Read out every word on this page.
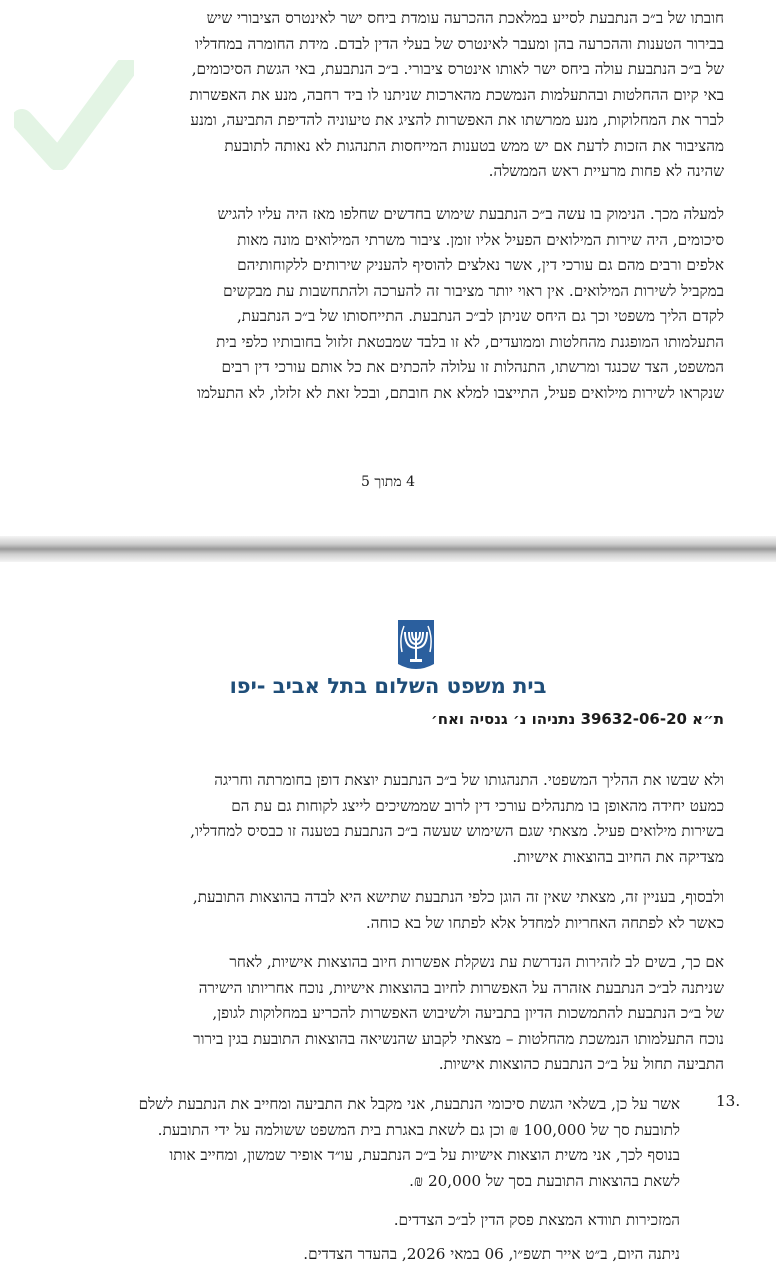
חובתו של ב״כ הנתבעת לסייע במלאכת ההכרעה עומדת ביחס ישר לאינטרס הציבורי שיש

בבירור הטענות וההכרעה בהן ומעבר לאינטרס של בעלי הדין לבדם. מידת החומרה במחדליו

של ב״כ הנתבעת עולה ביחס ישר לאותו אינטרס ציבורי. ב״כ הנתבעת, באי הגשת הסיכומים,

באי קיום ההחלטות ובהתעלמות הנמשכת מהארכות שניתנו לו ביד רחבה, מנע את האפשרות

לברר את המחלוקות, מנע ממרשתו את האפשרות להציג את טיעוניה להדיפת התביעה, ומנע

מהציבור את הזכות לדעת אם יש ממש בטענות המייחסות התנהגות לא נאותה לתובעת

שהינה לא פחות מרעיית ראש הממשלה.

למעלה מכך. הנימוק בו עשה ב״כ הנתבעת שימוש בחדשים שחלפו מאז היה עליו להגיש

סיכומים, היה שירות המילואים הפעיל אליו זומן. ציבור משרתי המילואים מונה מאות

אלפים ורבים מהם גם עורכי דין, אשר נאלצים להוסיף להעניק שירותים ללקוחותיהם

במקביל לשירות המילואים. אין ראוי יותר מציבור זה להערכה ולהתחשבות עת מבקשים

לקדם הליך משפטי וכך גם היחס שניתן לב״כ הנתבעת. התייחסותו של ב״כ הנתבעת,

התעלמותו המופגנת מהחלטות וממועדים, לא זו בלבד שמבטאת זלזול בחובותיו כלפי בית

המשפט, הצד שכנגד ומרשתו, התנהלות זו עלולה להכתים את כל אותם עורכי דין רבים

שנקראו לשירות מילואים פעיל, התייצבו למלא את חובתם, ובכל זאת לא זלזלו, לא התעלמו

4 מתוך 5
בית משפט השלום בתל אביב -יפו
ת״א 39632-06-20 נתניהו נ׳ גנסיה ואח׳

ולא שבשו את ההליך המשפטי. התנהגותו של ב״כ הנתבעת יוצאת דופן בחומרתה וחריגה

כמעט יחידה מהאופן בו מתנהלים עורכי דין לרוב שממשיכים לייצג לקוחות גם עת הם

בשירות מילואים פעיל. מצאתי שגם השימוש שעשה ב״כ הנתבעת בטענה זו כבסיס למחדליו,

מצדיקה את החיוב בהוצאות אישיות.

ולבסוף, בעניין זה, מצאתי שאין זה הוגן כלפי הנתבעת שתישא היא לבדה בהוצאות התובעת,

כאשר לא לפתחה האחריות למחדל אלא לפתחו של בא כוחה.

אם כך, בשים לב לזהירות הנדרשת עת נשקלת אפשרות חיוב בהוצאות אישיות, לאחר

שניתנה לב״כ הנתבעת אזהרה על האפשרות לחיוב בהוצאות אישיות, נוכח אחריותו הישירה

של ב״כ הנתבעת להתמשכות הדיון בתביעה ולשיבוש האפשרות להכריע במחלוקות לגופן,

נוכח התעלמותו הנמשכת מהחלטות – מצאתי לקבוע שהנשיאה בהוצאות התובעת בגין בירור

התביעה תחול על ב״כ הנתבעת כהוצאות אישיות.

13.

אשר על כן, בשלאי הגשת סיכומי הנתבעת, אני מקבל את התביעה ומחייב את הנתבעת לשלם

לתובעת סך של 100,000 ₪ וכן גם לשאת באגרת בית המשפט ששולמה על ידי התובעת.

בנוסף לכך, אני משית הוצאות אישיות על ב״כ הנתבעת, עו״ד אופיר שמשון, ומחייב אותו

לשאת בהוצאות התובעת בסך של 20,000 ₪.

המזכירות תוודא המצאת פסק הדין לב״כ הצדדים.

ניתנה היום, ב״ט אייר תשפ״ו, 06 במאי 2026, בהעדר הצדדים.
